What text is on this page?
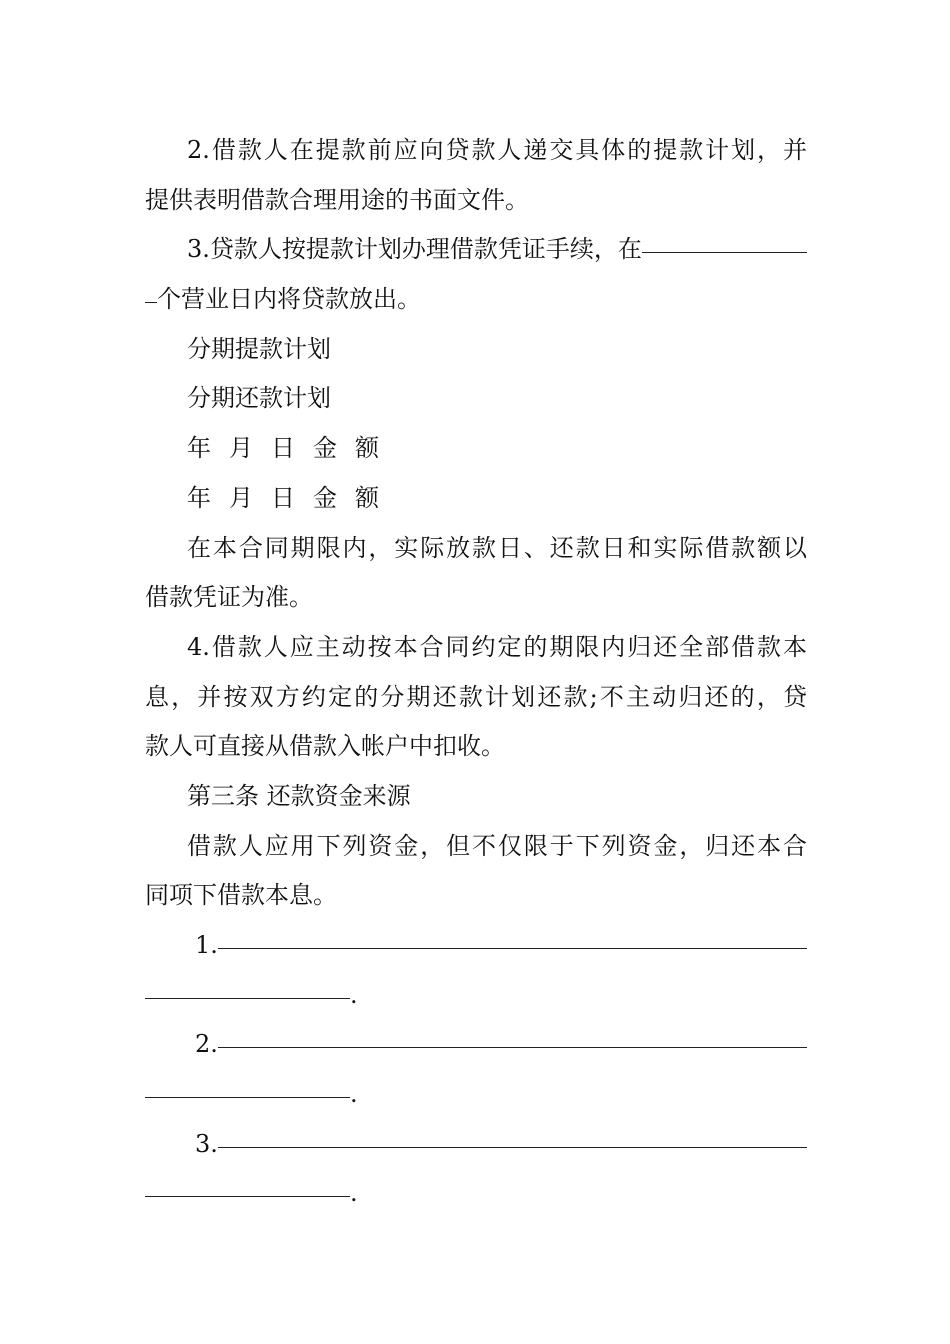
2.借款人在提款前应向贷款人递交具体的提款计划，并
提供表明借款合理用途的书面文件。
3.贷款人按提款计划办理借款凭证手续，在
个营业日内将贷款放出。
分期提款计划
分期还款计划
年月日金额
年月日金额
在本合同期限内，实际放款日、还款日和实际借款额以
借款凭证为准。
4.借款人应主动按本合同约定的期限内归还全部借款本
息，并按双方约定的分期还款计划还款;不主动归还的，贷
款人可直接从借款入帐户中扣收。
第三条 还款资金来源
借款人应用下列资金，但不仅限于下列资金，归还本合
同项下借款本息。
1.
.
2.
.
3.
.
